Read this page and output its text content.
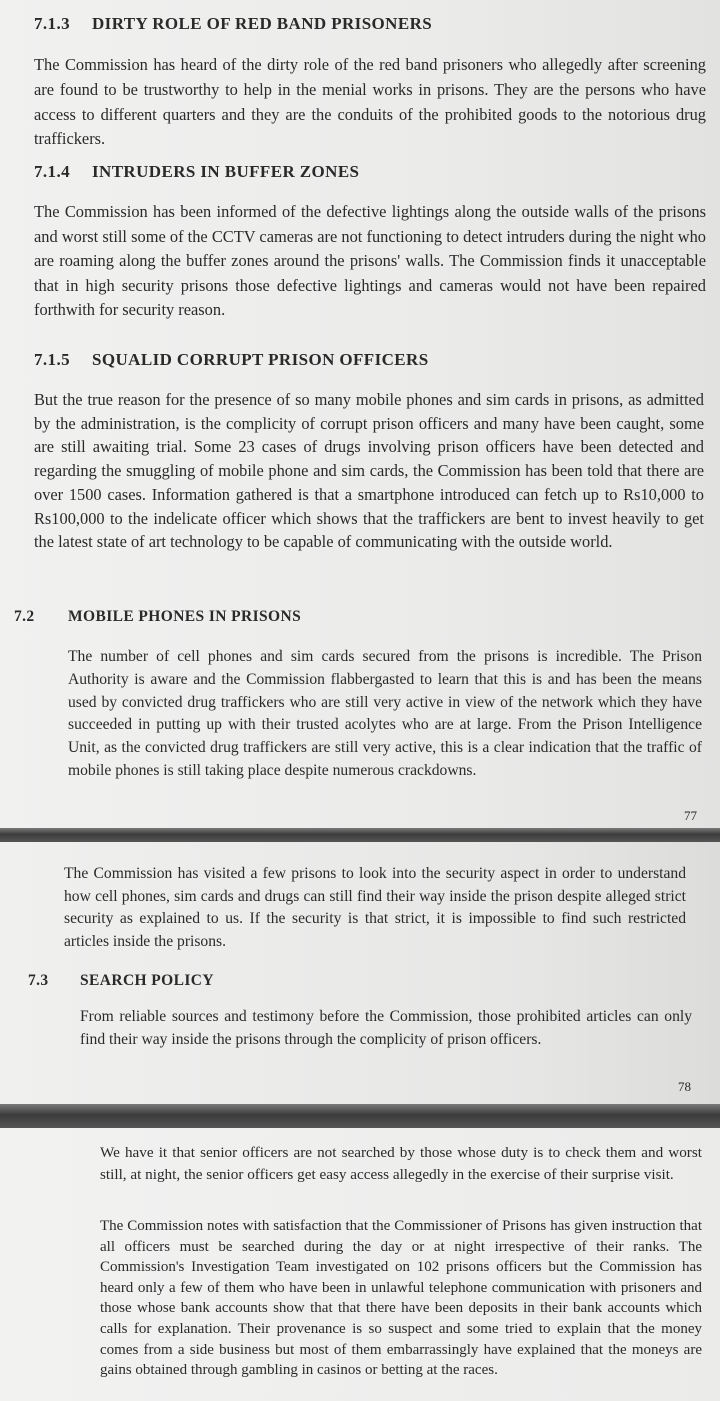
7.1.3 DIRTY ROLE OF RED BAND PRISONERS

The Commission has heard of the dirty role of the red band prisoners who allegedly after screening are found to be trustworthy to help in the menial works in prisons. They are the persons who have access to different quarters and they are the conduits of the prohibited goods to the notorious drug traffickers.

7.1.4 INTRUDERS IN BUFFER ZONES

The Commission has been informed of the defective lightings along the outside walls of the prisons and worst still some of the CCTV cameras are not functioning to detect intruders during the night who are roaming along the buffer zones around the prisons' walls. The Commission finds it unacceptable that in high security prisons those defective lightings and cameras would not have been repaired forthwith for security reason.

7.1.5 SQUALID CORRUPT PRISON OFFICERS

But the true reason for the presence of so many mobile phones and sim cards in prisons, as admitted by the administration, is the complicity of corrupt prison officers and many have been caught, some are still awaiting trial. Some 23 cases of drugs involving prison officers have been detected and regarding the smuggling of mobile phone and sim cards, the Commission has been told that there are over 1500 cases. Information gathered is that a smartphone introduced can fetch up to Rs10,000 to Rs100,000 to the indelicate officer which shows that the traffickers are bent to invest heavily to get the latest state of art technology to be capable of communicating with the outside world.

7.2 MOBILE PHONES IN PRISONS

The number of cell phones and sim cards secured from the prisons is incredible. The Prison Authority is aware and the Commission flabbergasted to learn that this is and has been the means used by convicted drug traffickers who are still very active in view of the network which they have succeeded in putting up with their trusted acolytes who are at large. From the Prison Intelligence Unit, as the convicted drug traffickers are still very active, this is a clear indication that the traffic of mobile phones is still taking place despite numerous crackdowns.

77

The Commission has visited a few prisons to look into the security aspect in order to understand how cell phones, sim cards and drugs can still find their way inside the prison despite alleged strict security as explained to us. If the security is that strict, it is impossible to find such restricted articles inside the prisons.

7.3 SEARCH POLICY

From reliable sources and testimony before the Commission, those prohibited articles can only find their way inside the prisons through the complicity of prison officers.

78

We have it that senior officers are not searched by those whose duty is to check them and worst still, at night, the senior officers get easy access allegedly in the exercise of their surprise visit.

The Commission notes with satisfaction that the Commissioner of Prisons has given instruction that all officers must be searched during the day or at night irrespective of their ranks. The Commission's Investigation Team investigated on 102 prisons officers but the Commission has heard only a few of them who have been in unlawful telephone communication with prisoners and those whose bank accounts show that that there have been deposits in their bank accounts which calls for explanation. Their provenance is so suspect and some tried to explain that the money comes from a side business but most of them embarrassingly have explained that the moneys are gains obtained through gambling in casinos or betting at the races.
